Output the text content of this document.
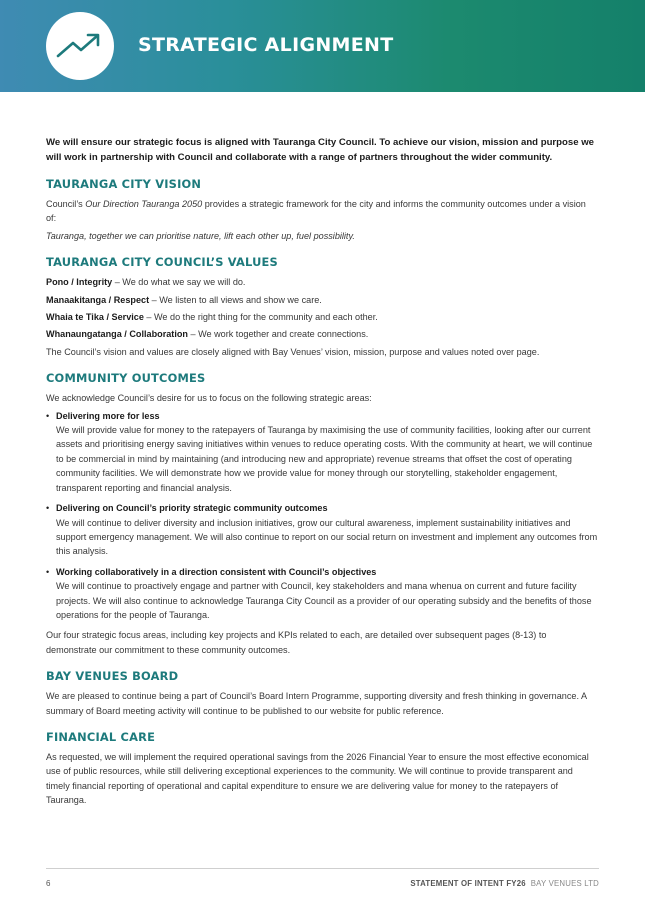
STRATEGIC ALIGNMENT

We will ensure our strategic focus is aligned with Tauranga City Council. To achieve our vision, mission and purpose we will work in partnership with Council and collaborate with a range of partners throughout the wider community.

TAURANGA CITY VISION

Council’s Our Direction Tauranga 2050 provides a strategic framework for the city and informs the community outcomes under a vision of:

Tauranga, together we can prioritise nature, lift each other up, fuel possibility.

TAURANGA CITY COUNCIL’S VALUES

Pono / Integrity – We do what we say we will do.

Manaakitanga / Respect – We listen to all views and show we care.

Whaia te Tika / Service – We do the right thing for the community and each other.

Whanaungatanga / Collaboration – We work together and create connections.

The Council’s vision and values are closely aligned with Bay Venues’ vision, mission, purpose and values noted over page.

COMMUNITY OUTCOMES

We acknowledge Council’s desire for us to focus on the following strategic areas:

• Delivering more for less
We will provide value for money to the ratepayers of Tauranga by maximising the use of community facilities, looking after our current assets and prioritising energy saving initiatives within venues to reduce operating costs. With the community at heart, we will continue to be commercial in mind by maintaining (and introducing new and appropriate) revenue streams that offset the cost of operating community facilities. We will demonstrate how we provide value for money through our storytelling, stakeholder engagement, transparent reporting and financial analysis.
• Delivering on Council’s priority strategic community outcomes
We will continue to deliver diversity and inclusion initiatives, grow our cultural awareness, implement sustainability initiatives and support emergency management. We will also continue to report on our social return on investment and implement any outcomes from this analysis.
• Working collaboratively in a direction consistent with Council’s objectives
We will continue to proactively engage and partner with Council, key stakeholders and mana whenua on current and future facility projects. We will also continue to acknowledge Tauranga City Council as a provider of our operating subsidy and the benefits of those operations for the people of Tauranga.

Our four strategic focus areas, including key projects and KPIs related to each, are detailed over subsequent pages (8-13) to demonstrate our commitment to these community outcomes.

BAY VENUES BOARD

We are pleased to continue being a part of Council’s Board Intern Programme, supporting diversity and fresh thinking in governance. A summary of Board meeting activity will continue to be published to our website for public reference.

FINANCIAL CARE

As requested, we will implement the required operational savings from the 2026 Financial Year to ensure the most effective economical use of public resources, while still delivering exceptional experiences to the community. We will continue to provide transparent and timely financial reporting of operational and capital expenditure to ensure we are delivering value for money to the ratepayers of Tauranga.

6	STATEMENT OF INTENT FY26 BAY VENUES LTD
